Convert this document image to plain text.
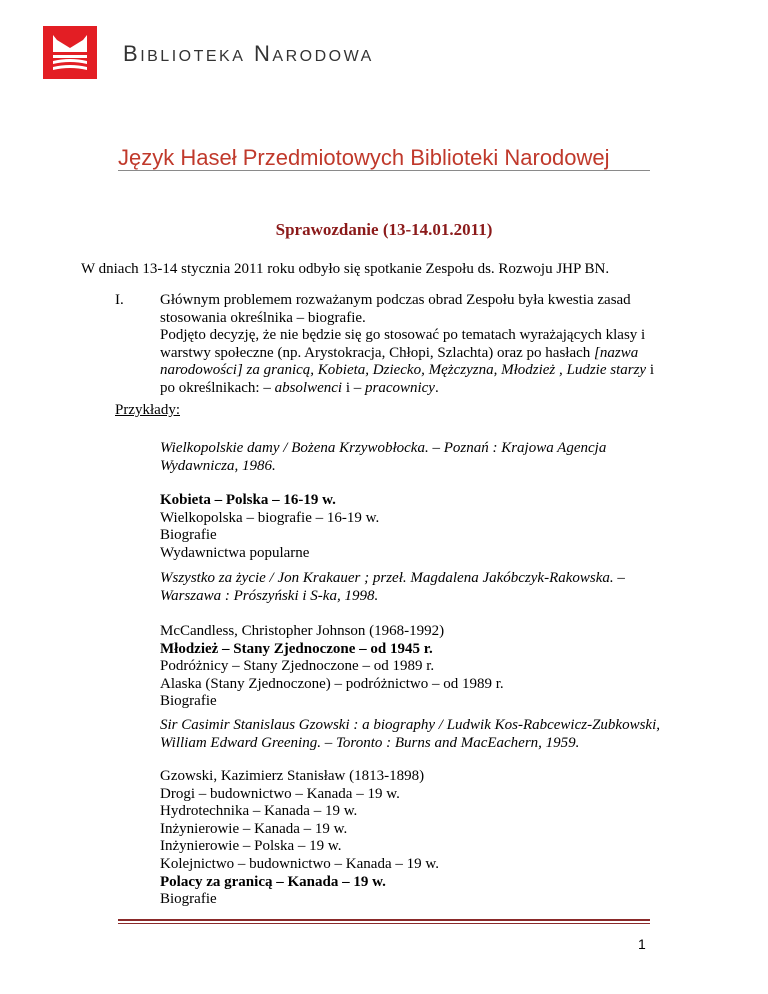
BIBLIOTEKA NARODOWA
Język Haseł Przedmiotowych Biblioteki Narodowej
Sprawozdanie (13-14.01.2011)
W dniach 13-14 stycznia 2011 roku odbyło się spotkanie Zespołu ds. Rozwoju JHP BN.
I. Głównym problemem rozważanym podczas obrad Zespołu była kwestia zasad
stosowania określnika – biografie.
Podjęto decyzję, że nie będzie się go stosować po tematach wyrażających klasy i
warstwy społeczne (np. Arystokracja, Chłopi, Szlachta) oraz po hasłach [nazwa
narodowości] za granicą, Kobieta, Dziecko, Mężczyzna, Młodzież , Ludzie starzy i
po określnikach: – absolwenci i – pracownicy.
Przykłady:
Wielkopolskie damy / Bożena Krzywobłocka. – Poznań : Krajowa Agencja
Wydawnicza, 1986.
Kobieta – Polska – 16-19 w.
Wielkopolska – biografie – 16-19 w.
Biografie
Wydawnictwa popularne
Wszystko za życie / Jon Krakauer ; przeł. Magdalena Jakóbczyk-Rakowska. –
Warszawa : Prószyński i S-ka, 1998.
McCandless, Christopher Johnson (1968-1992)
Młodzież – Stany Zjednoczone – od 1945 r.
Podróżnicy – Stany Zjednoczone – od 1989 r.
Alaska (Stany Zjednoczone) – podróżnictwo – od 1989 r.
Biografie
Sir Casimir Stanislaus Gzowski : a biography / Ludwik Kos-Rabcewicz-Zubkowski,
William Edward Greening. – Toronto : Burns and MacEachern, 1959.
Gzowski, Kazimierz Stanisław (1813-1898)
Drogi – budownictwo – Kanada – 19 w.
Hydrotechnika – Kanada – 19 w.
Inżynierowie – Kanada – 19 w.
Inżynierowie – Polska – 19 w.
Kolejnictwo – budownictwo – Kanada – 19 w.
Polacy za granicą – Kanada – 19 w.
Biografie
1
